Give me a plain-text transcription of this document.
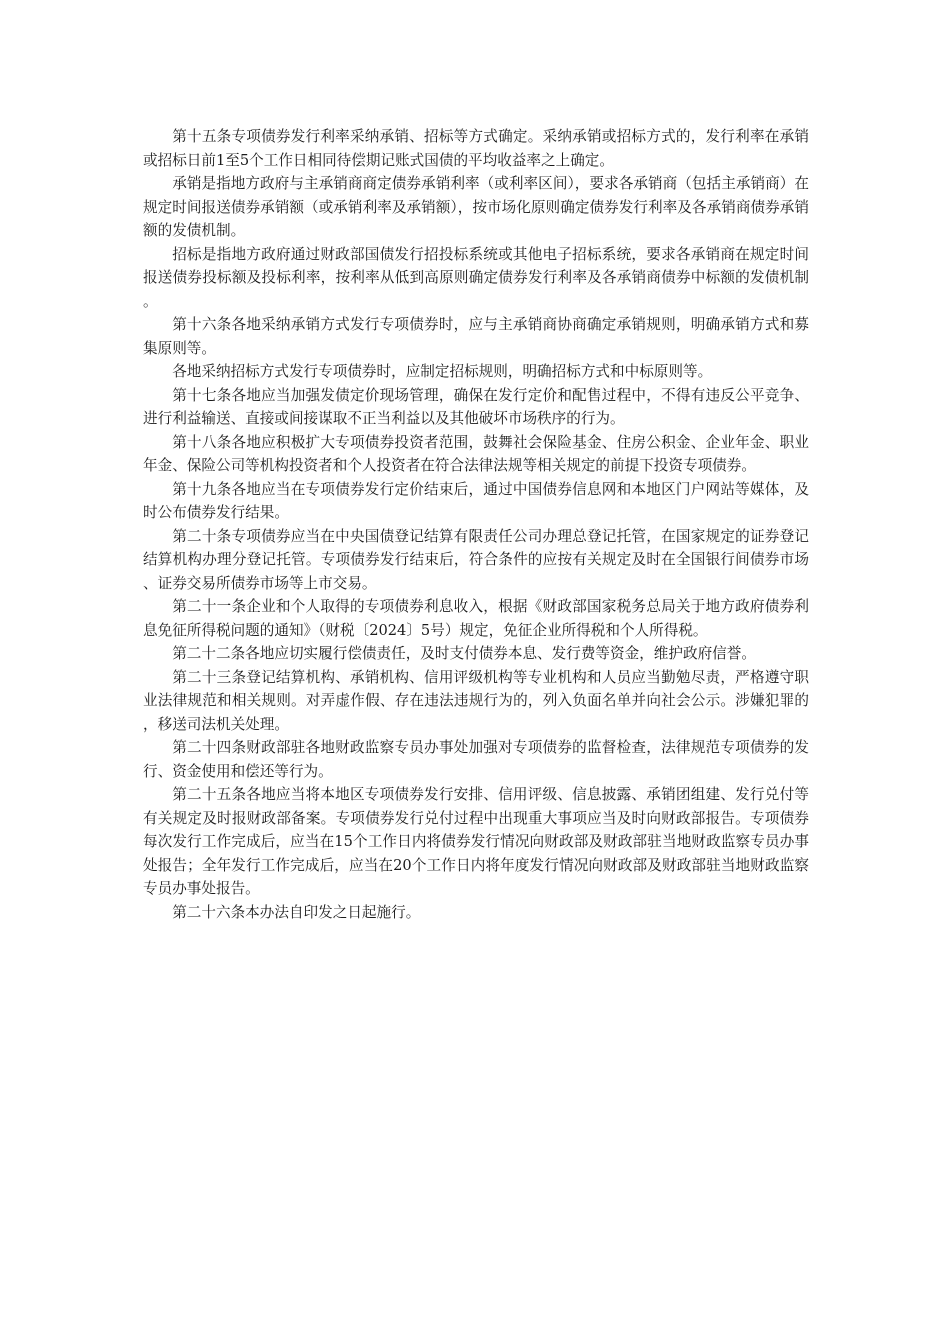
第十五条专项债券发行利率采纳承销、招标等方式确定。采纳承销或招标方式的，发行利率在承销或招标日前1至5个工作日相同待偿期记账式国债的平均收益率之上确定。

承销是指地方政府与主承销商商定债券承销利率（或利率区间），要求各承销商（包括主承销商）在规定时间报送债券承销额（或承销利率及承销额），按市场化原则确定债券发行利率及各承销商债券承销额的发债机制。

招标是指地方政府通过财政部国债发行招投标系统或其他电子招标系统，要求各承销商在规定时间报送债券投标额及投标利率，按利率从低到高原则确定债券发行利率及各承销商债券中标额的发债机制。

第十六条各地采纳承销方式发行专项债券时，应与主承销商协商确定承销规则，明确承销方式和募集原则等。

各地采纳招标方式发行专项债券时，应制定招标规则，明确招标方式和中标原则等。

第十七条各地应当加强发债定价现场管理，确保在发行定价和配售过程中，不得有违反公平竞争、进行利益输送、直接或间接谋取不正当利益以及其他破坏市场秩序的行为。

第十八条各地应积极扩大专项债券投资者范围，鼓舞社会保险基金、住房公积金、企业年金、职业年金、保险公司等机构投资者和个人投资者在符合法律法规等相关规定的前提下投资专项债券。

第十九条各地应当在专项债券发行定价结束后，通过中国债券信息网和本地区门户网站等媒体，及时公布债券发行结果。

第二十条专项债券应当在中央国债登记结算有限责任公司办理总登记托管，在国家规定的证券登记结算机构办理分登记托管。专项债券发行结束后，符合条件的应按有关规定及时在全国银行间债券市场、证券交易所债券市场等上市交易。

第二十一条企业和个人取得的专项债券利息收入，根据《财政部国家税务总局关于地方政府债券利息免征所得税问题的通知》（财税〔2024〕5号）规定，免征企业所得税和个人所得税。

第二十二条各地应切实履行偿债责任，及时支付债券本息、发行费等资金，维护政府信誉。

第二十三条登记结算机构、承销机构、信用评级机构等专业机构和人员应当勤勉尽责，严格遵守职业法律规范和相关规则。对弄虚作假、存在违法违规行为的，列入负面名单并向社会公示。涉嫌犯罪的，移送司法机关处理。

第二十四条财政部驻各地财政监察专员办事处加强对专项债券的监督检查，法律规范专项债券的发行、资金使用和偿还等行为。

第二十五条各地应当将本地区专项债券发行安排、信用评级、信息披露、承销团组建、发行兑付等有关规定及时报财政部备案。专项债券发行兑付过程中出现重大事项应当及时向财政部报告。专项债券每次发行工作完成后，应当在15个工作日内将债券发行情况向财政部及财政部驻当地财政监察专员办事处报告；全年发行工作完成后，应当在20个工作日内将年度发行情况向财政部及财政部驻当地财政监察专员办事处报告。

第二十六条本办法自印发之日起施行。
